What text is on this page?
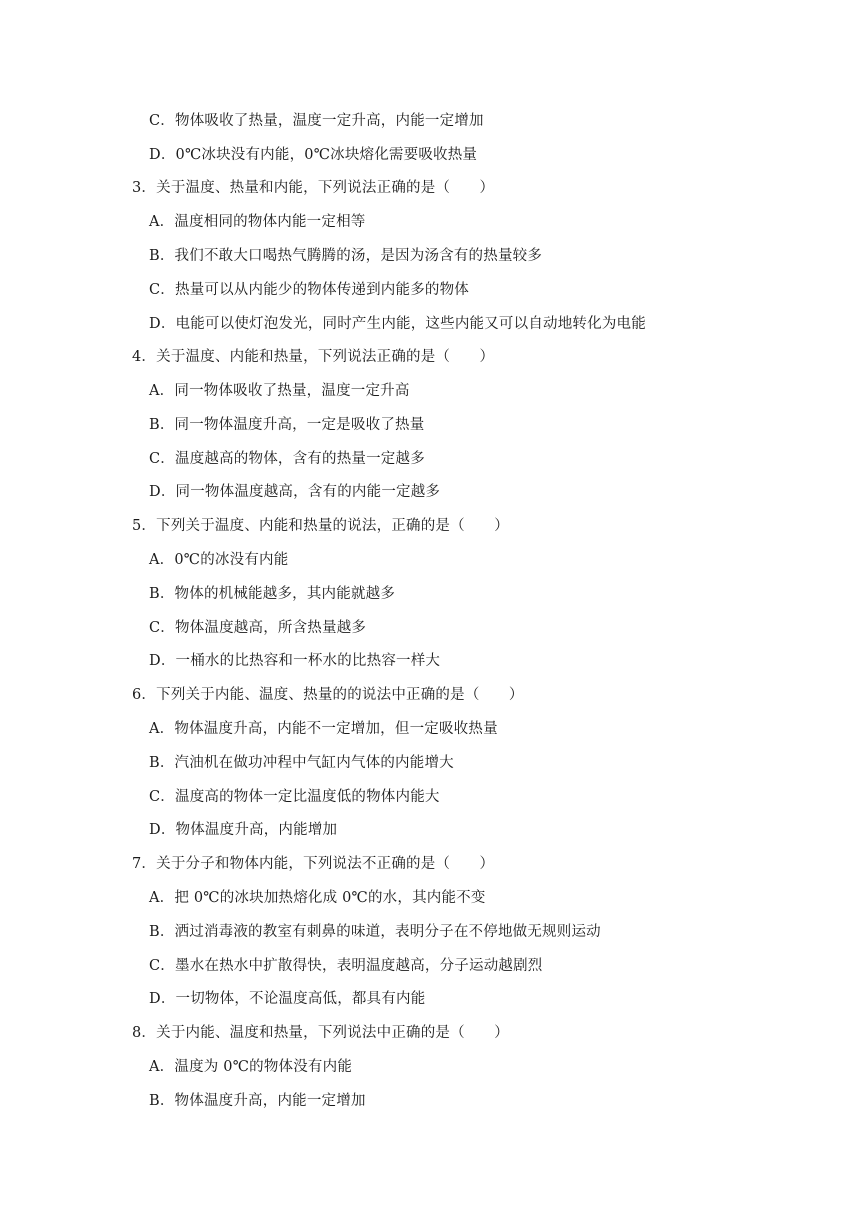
C．物体吸收了热量，温度一定升高，内能一定增加
D．0℃冰块没有内能，0℃冰块熔化需要吸收热量
3．关于温度、热量和内能，下列说法正确的是（　　）
A．温度相同的物体内能一定相等
B．我们不敢大口喝热气腾腾的汤，是因为汤含有的热量较多
C．热量可以从内能少的物体传递到内能多的物体
D．电能可以使灯泡发光，同时产生内能，这些内能又可以自动地转化为电能
4．关于温度、内能和热量，下列说法正确的是（　　）
A．同一物体吸收了热量，温度一定升高
B．同一物体温度升高，一定是吸收了热量
C．温度越高的物体，含有的热量一定越多
D．同一物体温度越高，含有的内能一定越多
5．下列关于温度、内能和热量的说法，正确的是（　　）
A．0℃的冰没有内能
B．物体的机械能越多，其内能就越多
C．物体温度越高，所含热量越多
D．一桶水的比热容和一杯水的比热容一样大
6．下列关于内能、温度、热量的的说法中正确的是（　　）
A．物体温度升高，内能不一定增加，但一定吸收热量
B．汽油机在做功冲程中气缸内气体的内能增大
C．温度高的物体一定比温度低的物体内能大
D．物体温度升高，内能增加
7．关于分子和物体内能，下列说法不正确的是（　　）
A．把 0℃的冰块加热熔化成 0℃的水，其内能不变
B．洒过消毒液的教室有刺鼻的味道，表明分子在不停地做无规则运动
C．墨水在热水中扩散得快，表明温度越高，分子运动越剧烈
D．一切物体，不论温度高低，都具有内能
8．关于内能、温度和热量，下列说法中正确的是（　　）
A．温度为 0℃的物体没有内能
B．物体温度升高，内能一定增加
